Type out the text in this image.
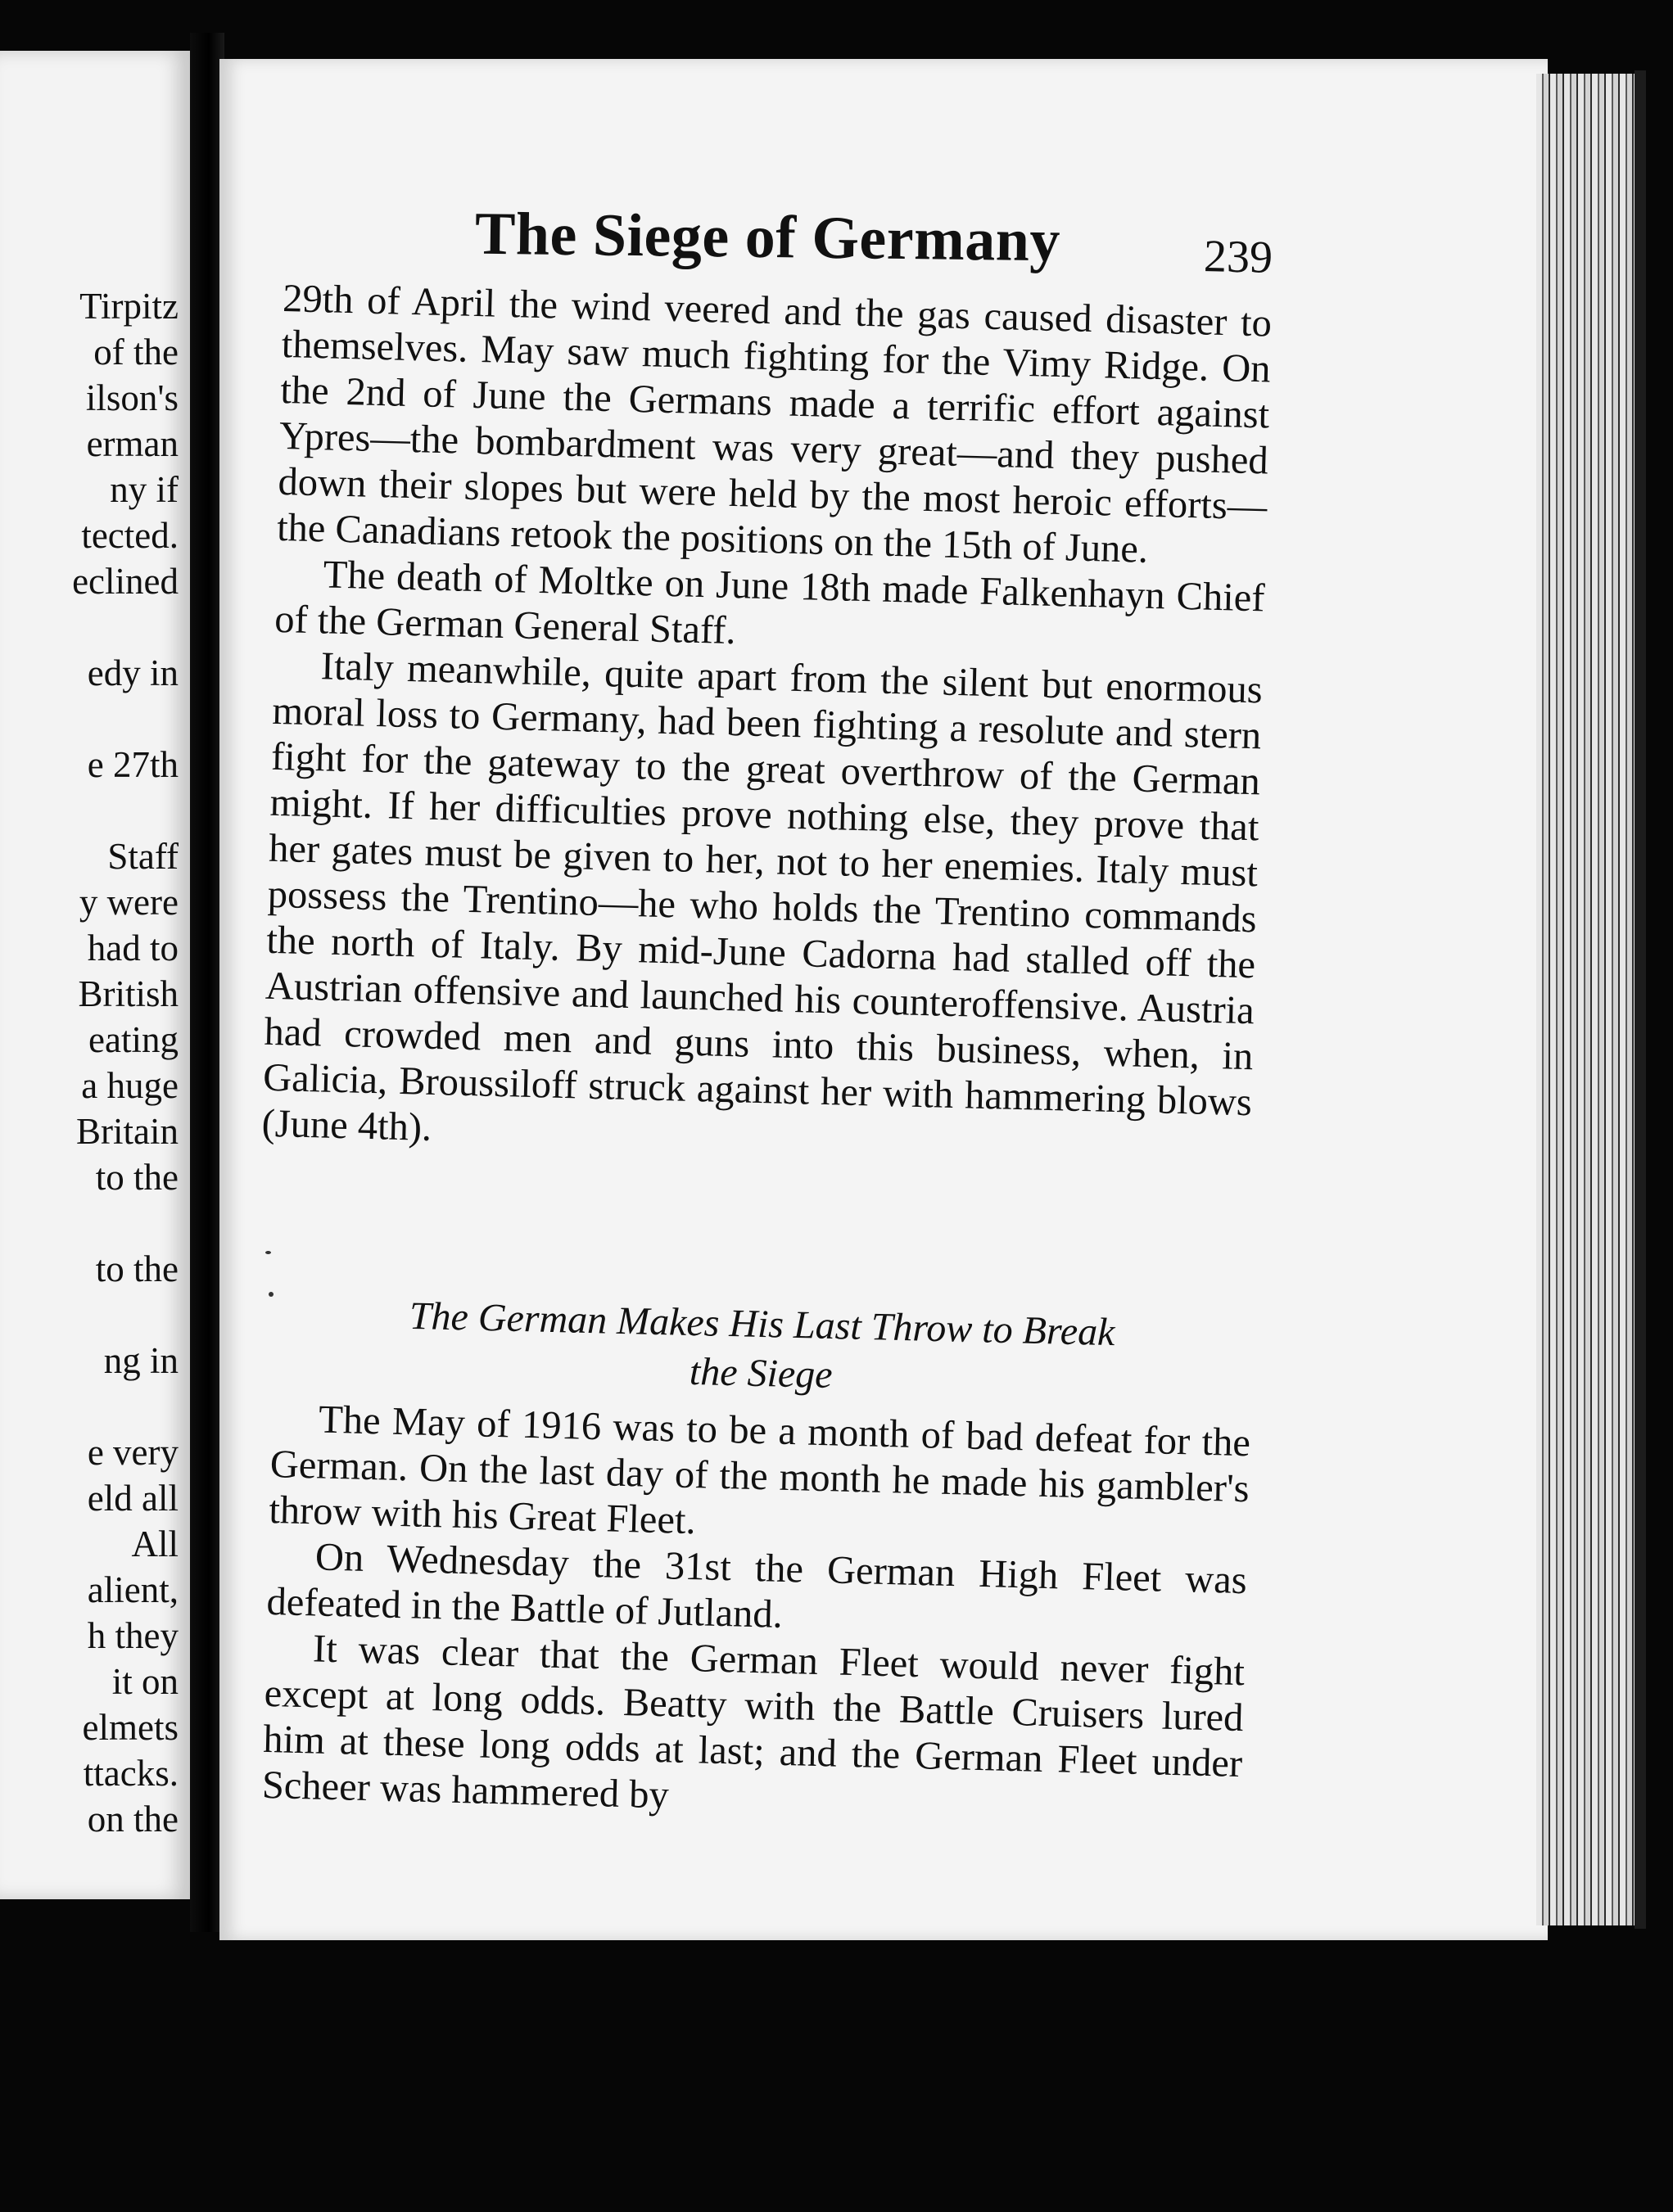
Tirpitz
of the
ilson's
erman
ny if
tected.
eclined
edy in
e 27th
Staff
y were
had to
British
eating
a huge
Britain
to the
to the
ng in
e very
eld all
All
alient,
h they
it on
elmets
ttacks.
on the
The Siege of Germany	239

29th of April the wind veered and the gas caused disaster to themselves. May saw much fighting for the Vimy Ridge. On the 2nd of June the Germans made a terrific effort against Ypres—the bombardment was very great—and they pushed down their slopes but were held by the most heroic efforts—the Canadians retook the positions on the 15th of June.

The death of Moltke on June 18th made Falkenhayn Chief of the German General Staff.

Italy meanwhile, quite apart from the silent but enormous moral loss to Germany, had been fighting a resolute and stern fight for the gateway to the great overthrow of the German might. If her difficulties prove nothing else, they prove that her gates must be given to her, not to her enemies. Italy must possess the Trentino—he who holds the Trentino commands the north of Italy. By mid-June Cadorna had stalled off the Austrian offensive and launched his counteroffensive. Austria had crowded men and guns into this business, when, in Galicia, Broussiloff struck against her with hammering blows (June 4th).

The German Makes His Last Throw to Break
the Siege

The May of 1916 was to be a month of bad defeat for the German. On the last day of the month he made his gambler's throw with his Great Fleet.

On Wednesday the 31st the German High Fleet was defeated in the Battle of Jutland.

It was clear that the German Fleet would never fight except at long odds. Beatty with the Battle Cruisers lured him at these long odds at last; and the German Fleet under Scheer was hammered by
